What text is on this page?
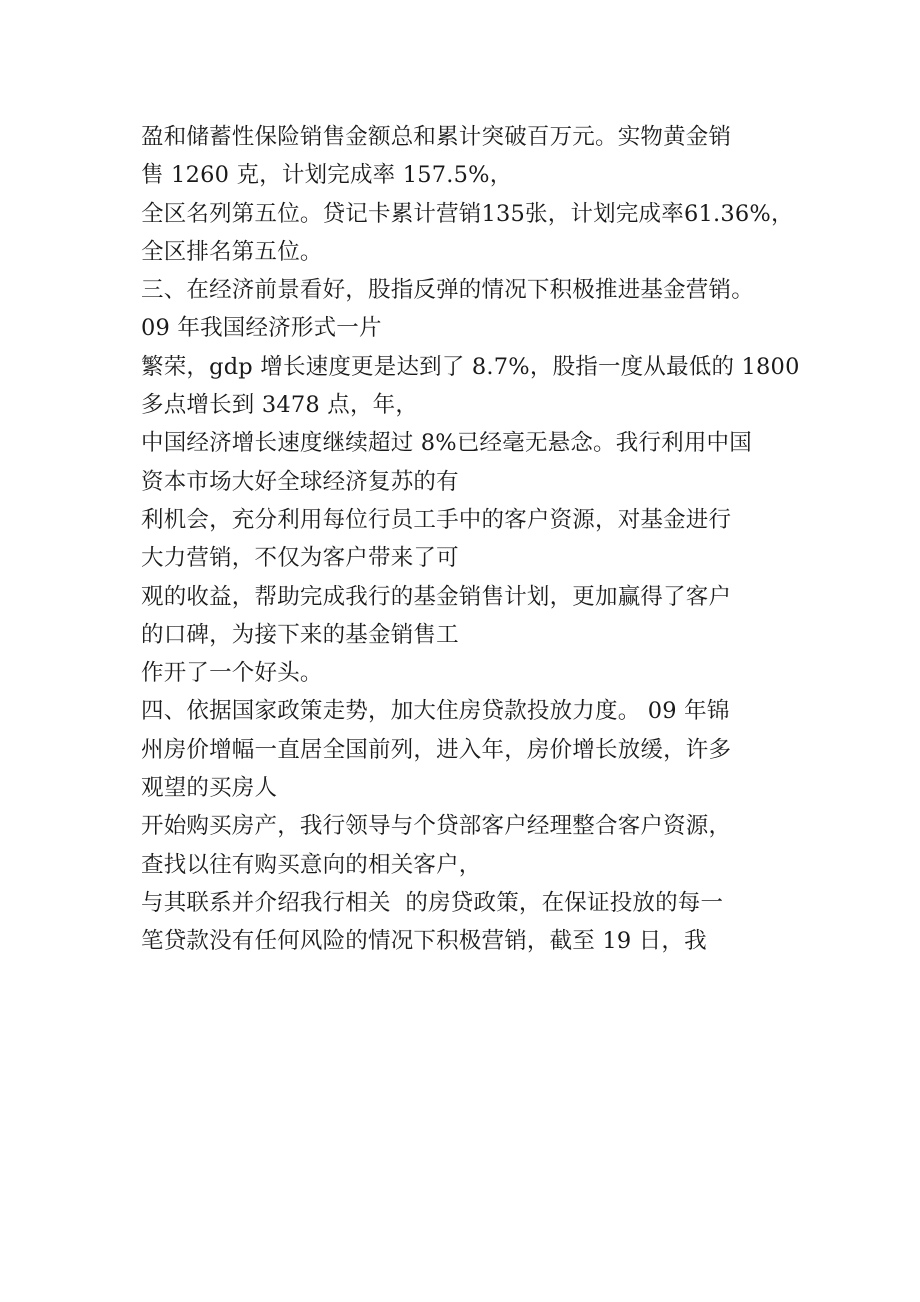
盈和储蓄性保险销售金额总和累计突破百万元。实物黄金销
售 1260 克，计划完成率 157.5%，
全区名列第五位。贷记卡累计营销135张，计划完成率61.36%，
全区排名第五位。
三、在经济前景看好，股指反弹的情况下积极推进基金营销。
09 年我国经济形式一片
繁荣，gdp 增长速度更是达到了 8.7%，股指一度从最低的 1800
多点增长到 3478 点，年，
中国经济增长速度继续超过 8%已经毫无悬念。我行利用中国
资本市场大好全球经济复苏的有
利机会，充分利用每位行员工手中的客户资源，对基金进行
大力营销，不仅为客户带来了可
观的收益，帮助完成我行的基金销售计划，更加赢得了客户
的口碑，为接下来的基金销售工
作开了一个好头。
四、依据国家政策走势，加大住房贷款投放力度。 09 年锦
州房价增幅一直居全国前列，进入年，房价增长放缓，许多
观望的买房人
开始购买房产，我行领导与个贷部客户经理整合客户资源，
查找以往有购买意向的相关客户，
与其联系并介绍我行相关  的房贷政策，在保证投放的每一
笔贷款没有任何风险的情况下积极营销，截至 19 日，我
